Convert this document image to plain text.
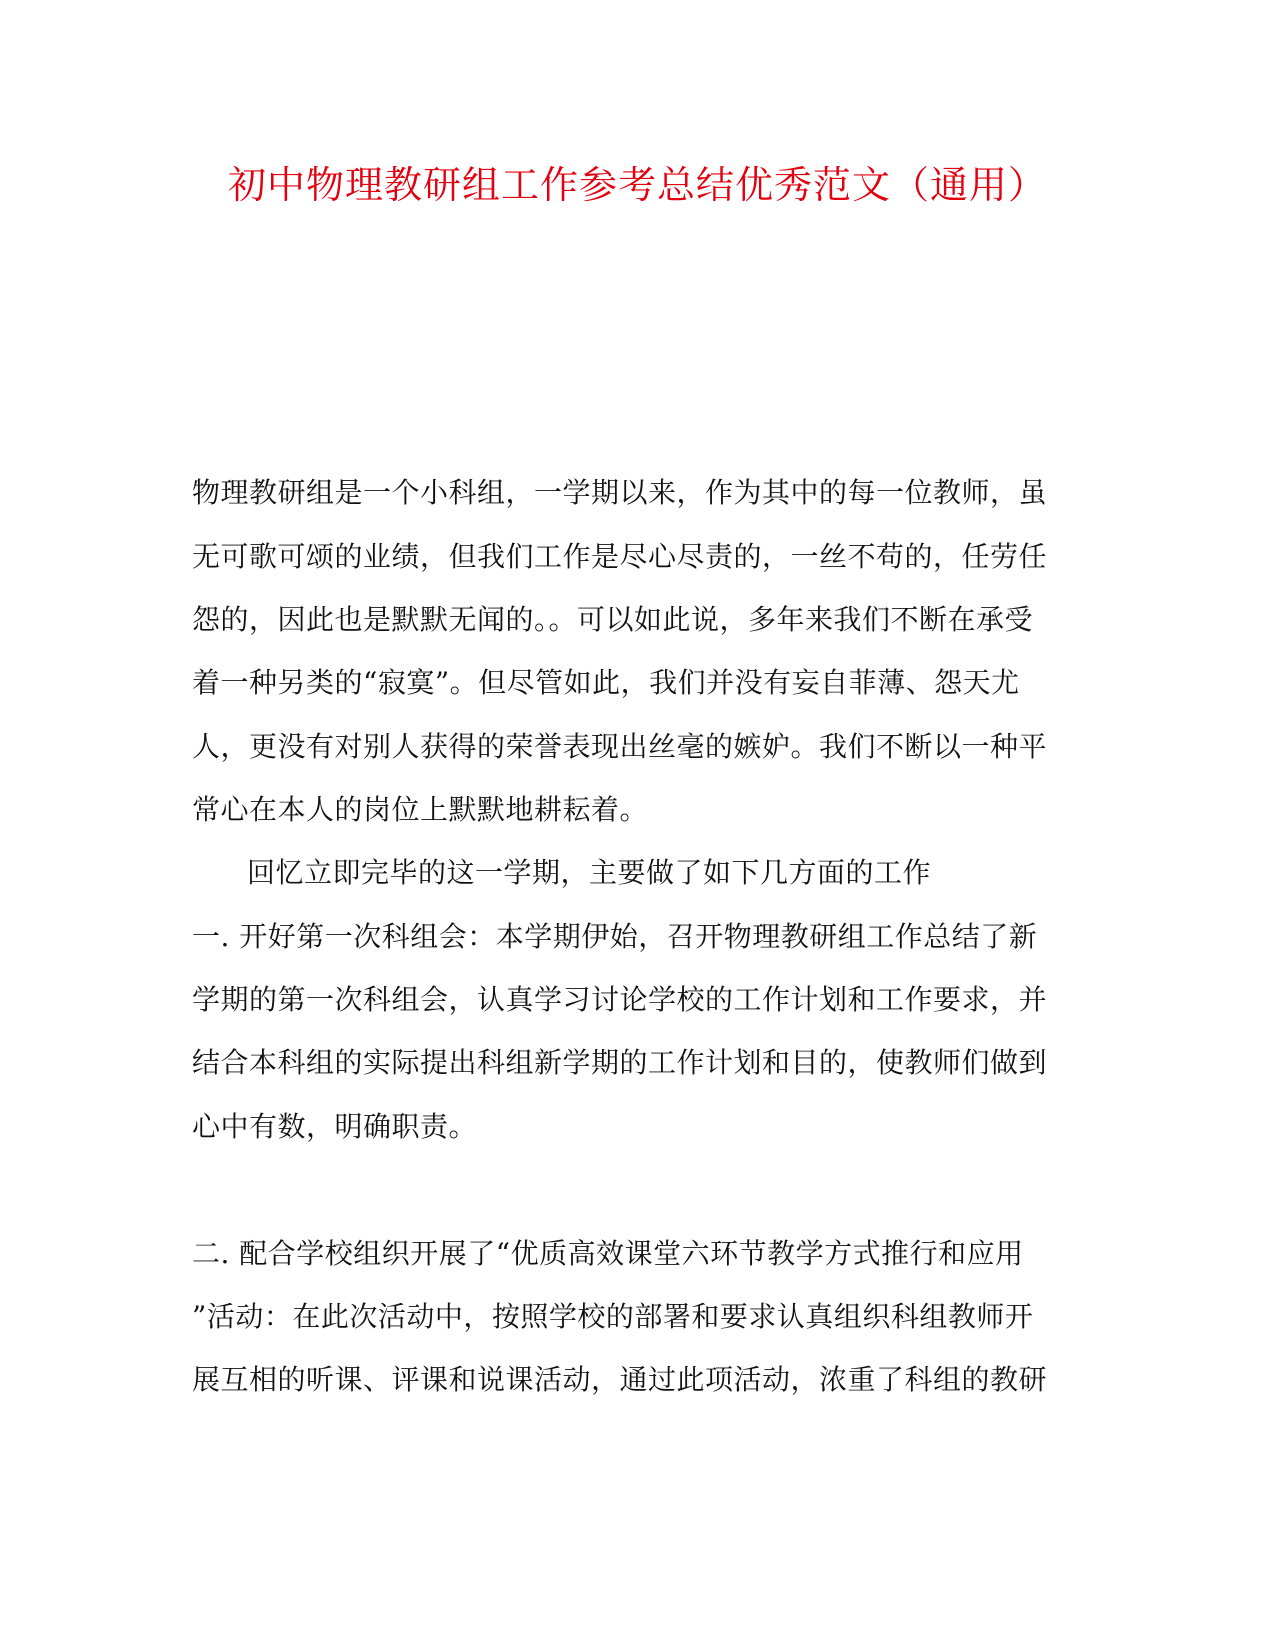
初中物理教研组工作参考总结优秀范文（通用）
物理教研组是一个小科组，一学期以来，作为其中的每一位教师，虽
无可歌可颂的业绩，但我们工作是尽心尽责的，一丝不苟的，任劳任
怨的，因此也是默默无闻的。。可以如此说，多年来我们不断在承受
着一种另类的“寂寞”。但尽管如此，我们并没有妄自菲薄、怨天尤
人，更没有对别人获得的荣誉表现出丝毫的嫉妒。我们不断以一种平
常心在本人的岗位上默默地耕耘着。
回忆立即完毕的这一学期，主要做了如下几方面的工作
一. 开好第一次科组会：本学期伊始，召开物理教研组工作总结了新
学期的第一次科组会，认真学习讨论学校的工作计划和工作要求，并
结合本科组的实际提出科组新学期的工作计划和目的，使教师们做到
心中有数，明确职责。
二. 配合学校组织开展了“优质高效课堂六环节教学方式推行和应用
”活动：在此次活动中，按照学校的部署和要求认真组织科组教师开
展互相的听课、评课和说课活动，通过此项活动，浓重了科组的教研
